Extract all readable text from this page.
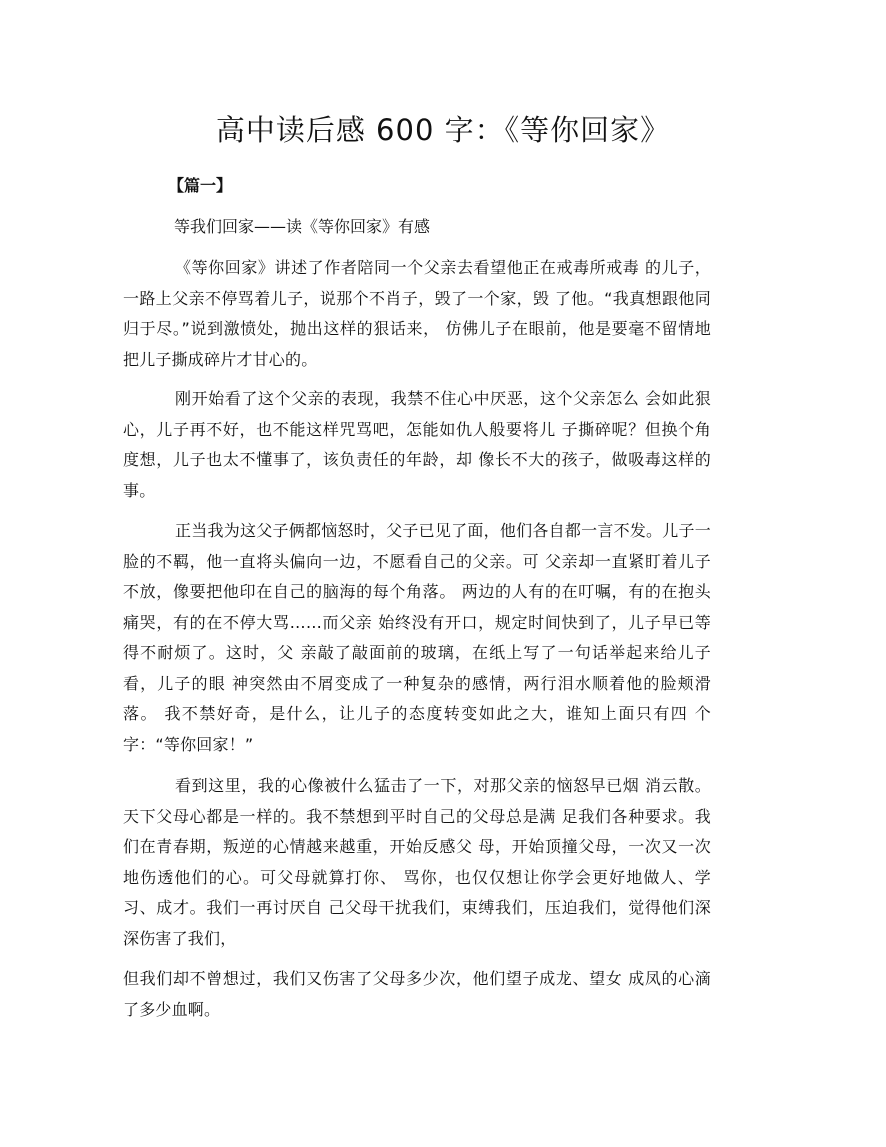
高中读后感 600 字：《等你回家》
【篇一】
等我们回家——读《等你回家》有感

《等你回家》讲述了作者陪同一个父亲去看望他正在戒毒所戒毒 的儿子，一路上父亲不停骂着儿子，说那个不肖子，毁了一个家，毁 了他。“我真想跟他同归于尽。”说到激愤处，抛出这样的狠话来， 仿佛儿子在眼前，他是要毫不留情地把儿子撕成碎片才甘心的。

刚开始看了这个父亲的表现，我禁不住心中厌恶，这个父亲怎么 会如此狠心，儿子再不好，也不能这样咒骂吧，怎能如仇人般要将儿 子撕碎呢？但换个角度想，儿子也太不懂事了，该负责任的年龄，却 像长不大的孩子，做吸毒这样的事。

正当我为这父子俩都恼怒时，父子已见了面，他们各自都一言不发。儿子一脸的不羁，他一直将头偏向一边，不愿看自己的父亲。可 父亲却一直紧盯着儿子不放，像要把他印在自己的脑海的每个角落。 两边的人有的在叮嘱，有的在抱头痛哭，有的在不停大骂……而父亲 始终没有开口，规定时间快到了，儿子早已等得不耐烦了。这时，父 亲敲了敲面前的玻璃，在纸上写了一句话举起来给儿子看，儿子的眼 神突然由不屑变成了一种复杂的感情，两行泪水顺着他的脸颊滑落。 我不禁好奇，是什么，让儿子的态度转变如此之大，谁知上面只有四 个字：“等你回家！”

看到这里，我的心像被什么猛击了一下，对那父亲的恼怒早已烟 消云散。天下父母心都是一样的。我不禁想到平时自己的父母总是满 足我们各种要求。我们在青春期，叛逆的心情越来越重，开始反感父 母，开始顶撞父母，一次又一次地伤透他们的心。可父母就算打你、 骂你，也仅仅想让你学会更好地做人、学习、成才。我们一再讨厌自 己父母干扰我们，束缚我们，压迫我们，觉得他们深深伤害了我们，

但我们却不曾想过，我们又伤害了父母多少次，他们望子成龙、望女 成凤的心滴了多少血啊。
